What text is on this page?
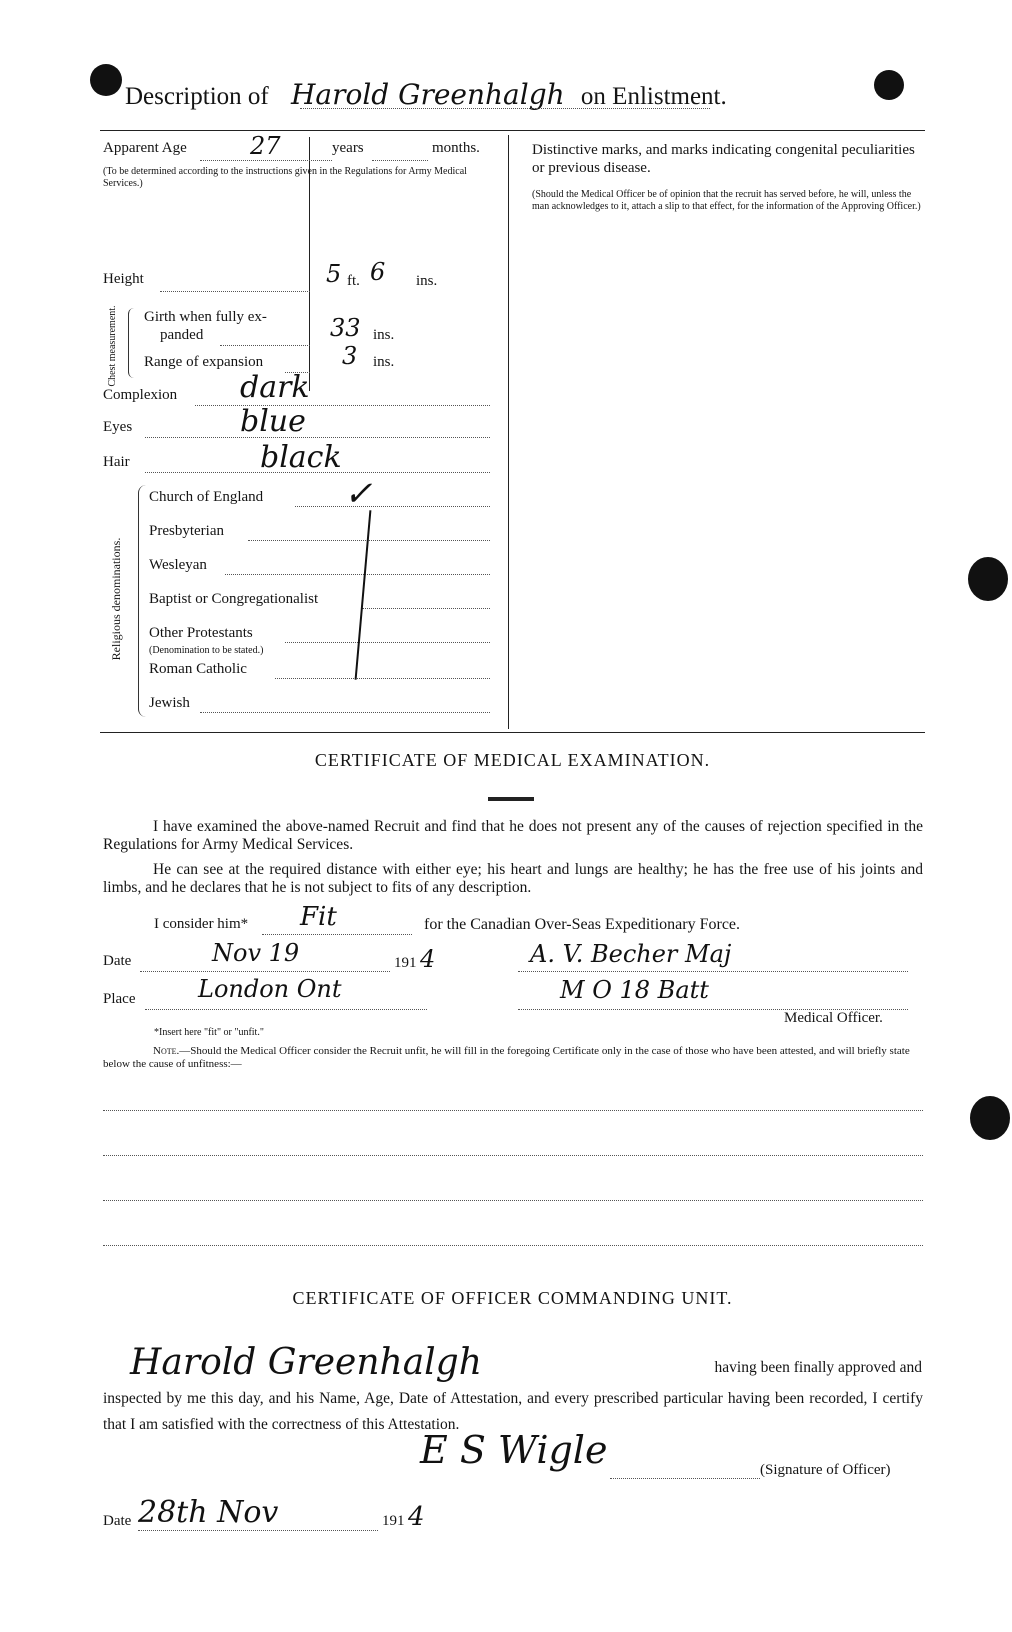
Description of Harold Greenhalgh on Enlistment.
Apparent Age	27	years	months.
(To be determined according to the instructions given in the Regulations for Army Medical Services.)
Height	5 ft. 6 ins.
Chest measurement. Girth when fully ex-
panded	33 ins.
Range of expansion	3 ins.
Complexion dark
Eyes	blue
Hair	black
Religious denominations.
Church of England
Presbyterian
Wesleyan
Baptist or Congregationalist
Other Protestants
(Denomination to be stated.)
Roman Catholic
Jewish
✓
Distinctive marks, and marks indicating congenital peculiarities or previous disease.
(Should the Medical Officer be of opinion that the recruit has served before, he will, unless the man acknowledges to it, attach a slip to that effect, for the information of the Approving Officer.)
CERTIFICATE OF MEDICAL EXAMINATION.
I have examined the above-named Recruit and find that he does not present any of the causes of rejection specified in the Regulations for Army Medical Services.
He can see at the required distance with either eye; his heart and lungs are healthy; he has the free use of his joints and limbs, and he declares that he is not subject to fits of any description.
I consider him* Fit	for the Canadian Over-Seas Expeditionary Force.
Date	Nov 19	191 4	A. V. Becher Maj
Place	London Ont	M O 18 Batt
Medical Officer.
*Insert here "fit" or "unfit."
Note.—Should the Medical Officer consider the Recruit unfit, he will fill in the foregoing Certificate only in the case of those who have been attested, and will briefly state below the cause of unfitness:—
CERTIFICATE OF OFFICER COMMANDING UNIT.
Harold Greenhalgh	having been finally approved and
inspected by me this day, and his Name, Age, Date of Attestation, and every prescribed particular having been recorded, I certify that I am satisfied with the correctness of this Attestation.
E S Wigle	(Signature of Officer)
Date 28th Nov	191 4
